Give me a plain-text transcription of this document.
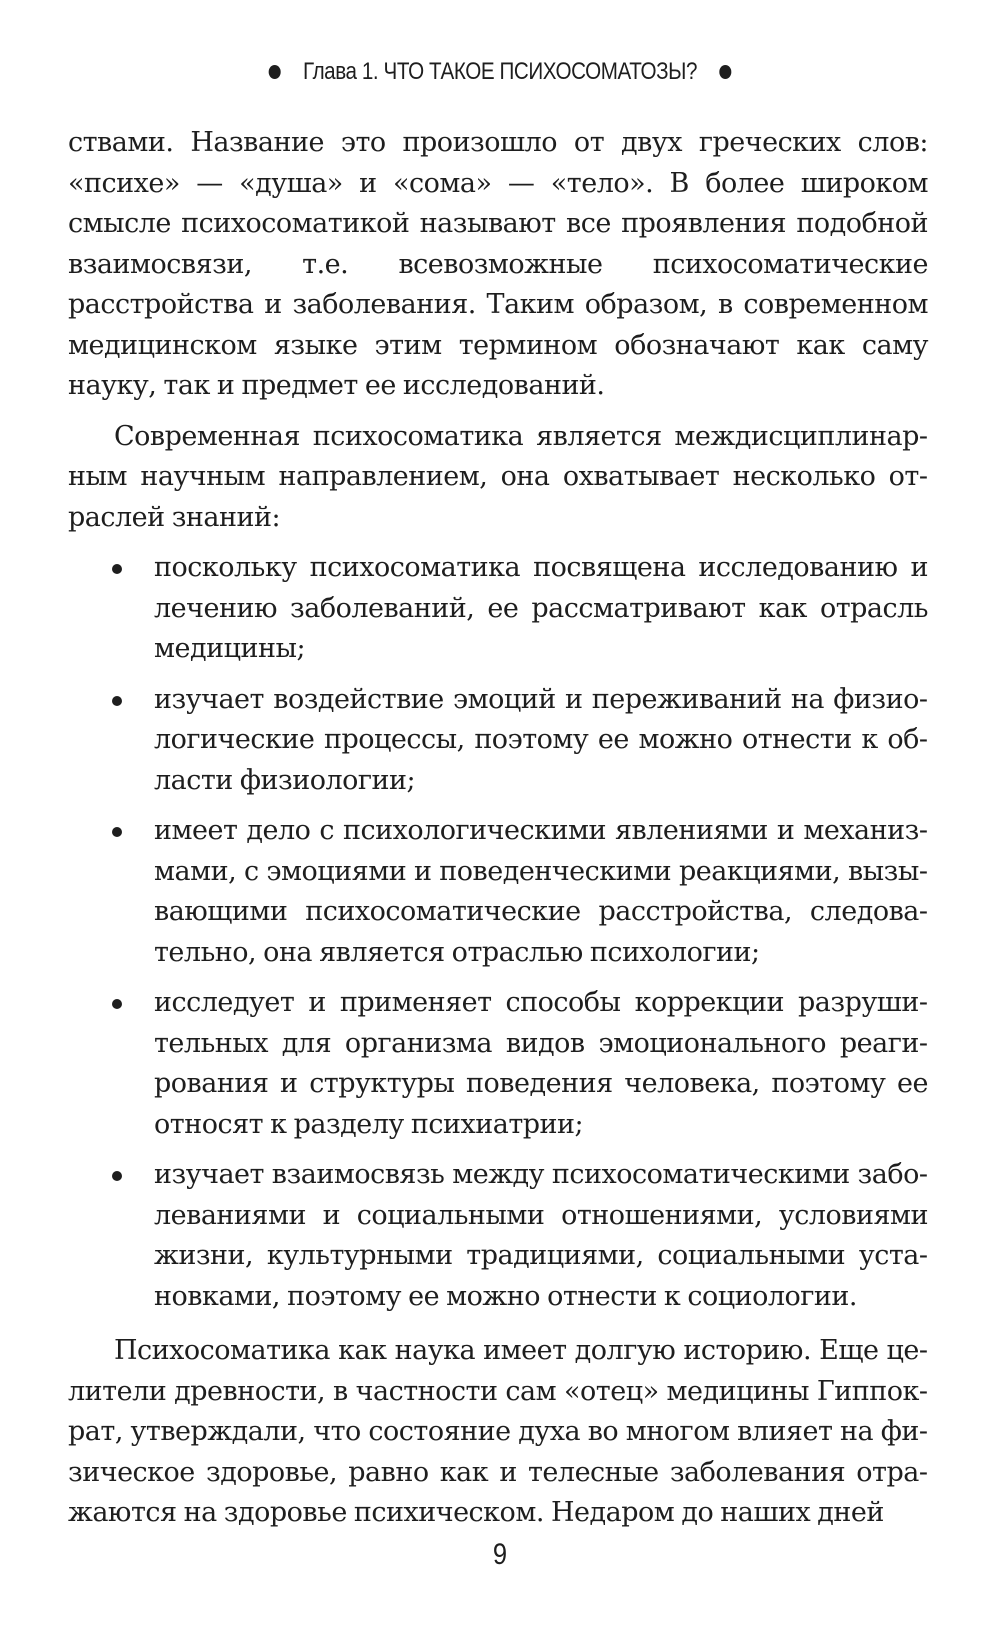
Глава 1. ЧТО ТАКОЕ ПСИХОСОМАТОЗЫ?

ствами. Название это произошло от двух греческих слов: «психе» — «душа» и «сома» — «тело». В более широком смысле психосоматикой называют все проявления подобной взаимосвязи, т.е. всевозможные психосоматические расстройства и заболевания. Таким образом, в современном медицинском языке этим термином обозначают как саму науку, так и предмет ее исследований.

Современная психосоматика является междисциплинарным научным направлением, она охватывает несколько отраслей знаний:

поскольку психосоматика посвящена исследованию и лечению заболеваний, ее рассматривают как отрасль медицины;
изучает воздействие эмоций и переживаний на физиологические процессы, поэтому ее можно отнести к области физиологии;
имеет дело с психологическими явлениями и механизмами, с эмоциями и поведенческими реакциями, вызывающими психосоматические расстройства, следовательно, она является отраслью психологии;
исследует и применяет способы коррекции разрушительных для организма видов эмоционального реагирования и структуры поведения человека, поэтому ее относят к разделу психиатрии;
изучает взаимосвязь между психосоматическими заболеваниями и социальными отношениями, условиями жизни, культурными традициями, социальными установками, поэтому ее можно отнести к социологии.

Психосоматика как наука имеет долгую историю. Еще целители древности, в частности сам «отец» медицины Гиппократ, утверждали, что состояние духа во многом влияет на физическое здоровье, равно как и телесные заболевания отражаются на здоровье психическом. Недаром до наших дней

9
